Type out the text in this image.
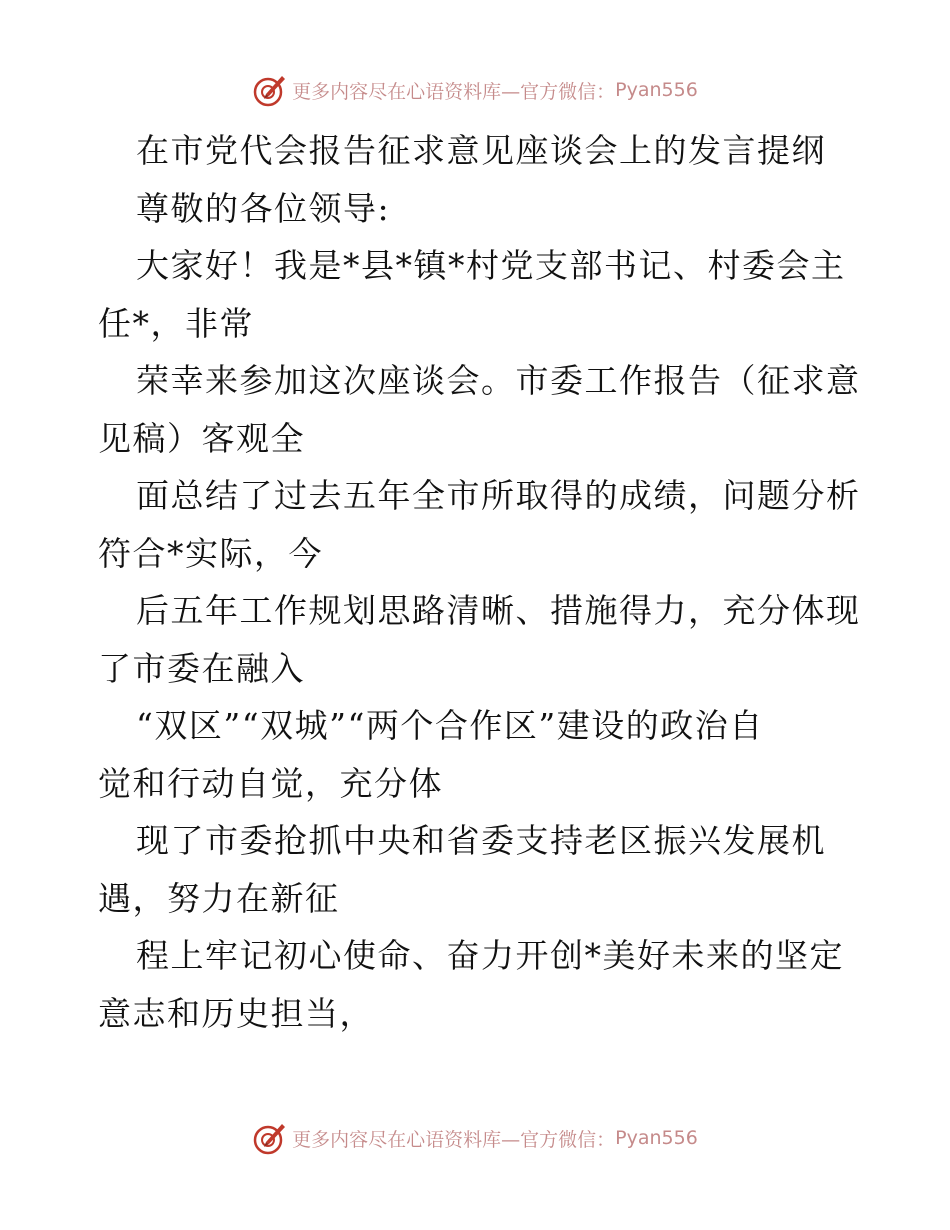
更多内容尽在心语资料库—官方微信： Pyan556
在市党代会报告征求意见座谈会上的发言提纲
尊敬的各位领导:
大家好！我是*县*镇*村党支部书记、村委会主
任*，非常
荣幸来参加这次座谈会。市委工作报告（征求意
见稿）客观全
面总结了过去五年全市所取得的成绩，问题分析
符合*实际，今
后五年工作规划思路清晰、措施得力，充分体现
了市委在融入
“双区”“双城”“两个合作区”建设的政治自
觉和行动自觉，充分体
现了市委抢抓中央和省委支持老区振兴发展机
遇，努力在新征
程上牢记初心使命、奋力开创*美好未来的坚定
意志和历史担当，
更多内容尽在心语资料库—官方微信： Pyan556
